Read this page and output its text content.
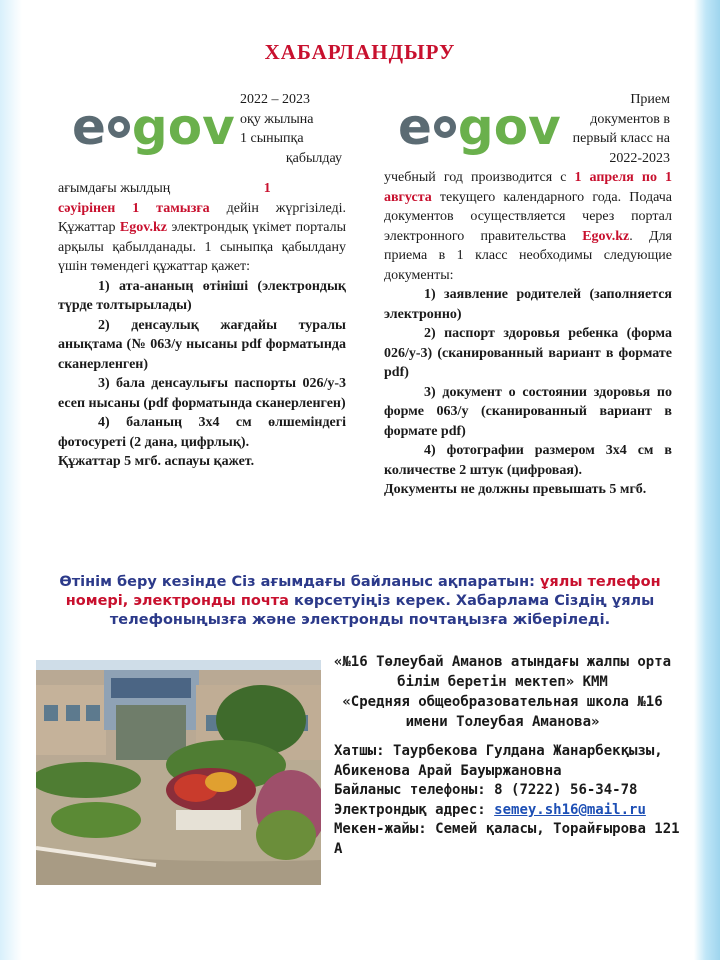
ХАБАРЛАНДЫРУ
e gov	e gov

2022 – 2023

оқу жылына

1 сыныпқа

қабылдау

ағымдағы жылдың	1

сәуірінен 1 тамызға дейін жүргізіледі. Құжаттар Egov.kz электрондық үкімет порталы арқылы қабылданады. 1 сыныпқа қабылдану үшін төмендегі құжаттар қажет:

1) ата-ананың өтініші (электрондық түрде толтырылады)

2) денсаулық жағдайы туралы анықтама (№ 063/у нысаны pdf форматында сканерленген)

3) бала денсаулығы паспорты 026/у-3 есеп нысаны (pdf форматында сканерленген)

4) баланың 3х4 см өлшеміндегі фотосуреті (2 дана, цифрлық).

Құжаттар 5 мгб. аспауы қажет.

Прием документов в первый класс на 2022-2023

учебный год производится с 1 апреля по 1 августа текущего календарного года. Подача документов осуществляется через портал электронного правительства Egov.kz. Для приема в 1 класс необходимы следующие документы:

1) заявление родителей (заполняется электронно)

2) паспорт здоровья ребенка (форма 026/у-3) (сканированный вариант в формате pdf)

3) документ о состоянии здоровья по форме 063/у (сканированный вариант в формате pdf)

4) фотографии размером 3х4 см в количестве 2 штук (цифровая).

Документы не должны превышать 5 мгб.

Өтінім беру кезінде Сіз ағымдағы байланыс ақпаратын: ұялы телефон номері, электронды почта көрсетуіңіз керек. Хабарлама Сіздің ұялы телефоныңызға және электронды почтаңызға жіберіледі.
«№16 Төлеубай Аманов атындағы жалпы орта білім беретін мектеп» КММ
«Средняя общеобразовательная школа №16 имени Толеубая Аманова»

Хатшы: Таурбекова Гулдана Жанарбекқызы, Абикенова Арай Бауыржановна

Байланыс телефоны: 8 (7222) 56-34-78

Электрондық адрес: semey.sh16@mail.ru

Мекен-жайы: Семей қаласы, Торайғырова 121 А
